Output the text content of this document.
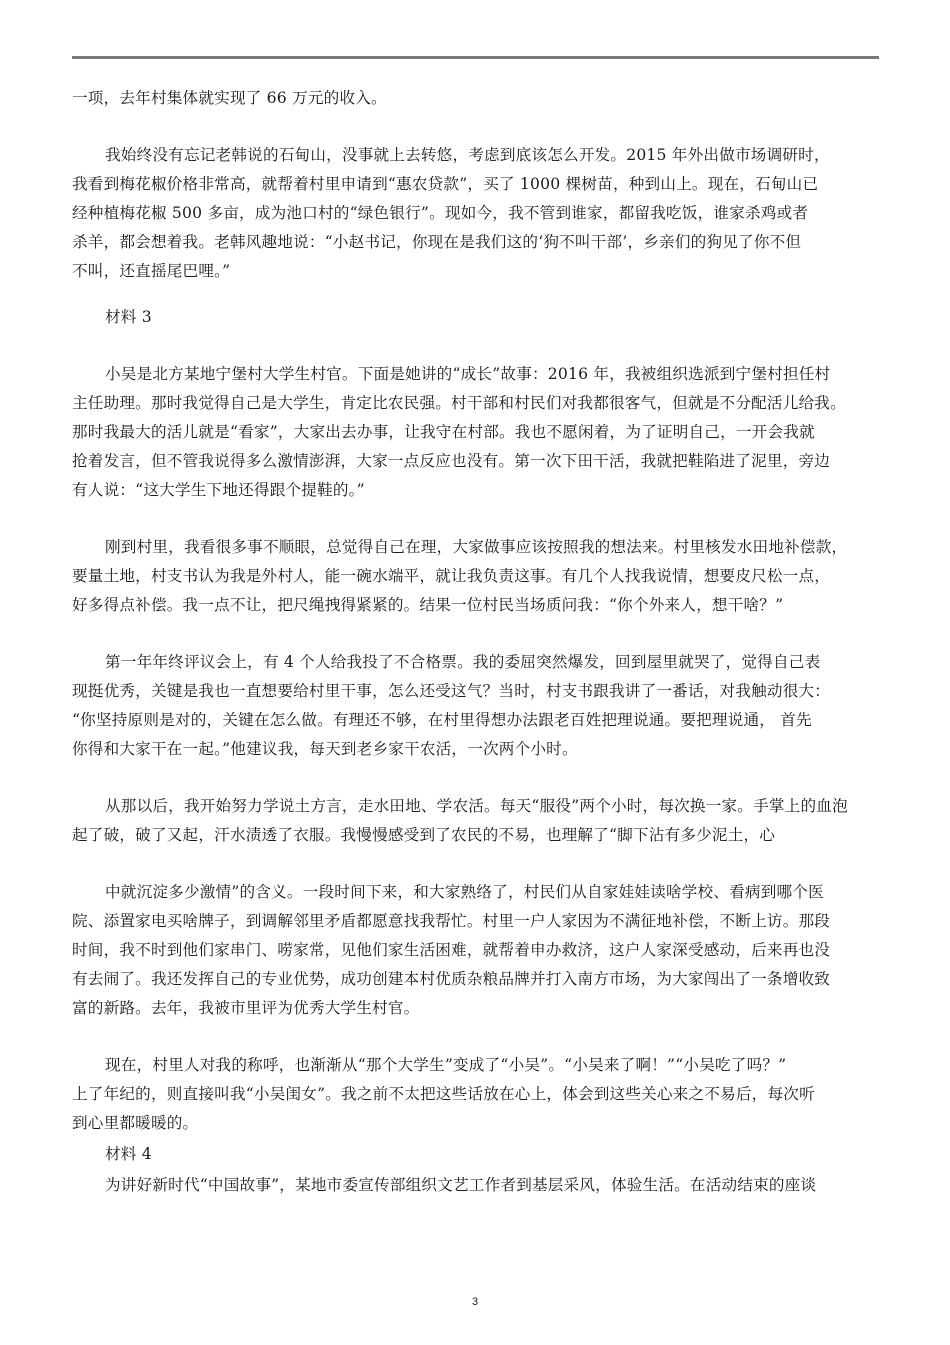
一项，去年村集体就实现了 66 万元的收入。
我始终没有忘记老韩说的石甸山，没事就上去转悠，考虑到底该怎么开发。2015 年外出做市场调研时，
我看到梅花椒价格非常高，就帮着村里申请到“惠农贷款”，买了 1000 棵树苗，种到山上。现在，石甸山已
经种植梅花椒 500 多亩，成为池口村的“绿色银行”。现如今，我不管到谁家，都留我吃饭，谁家杀鸡或者
杀羊，都会想着我。老韩风趣地说：“小赵书记，你现在是我们这的‘狗不叫干部’，乡亲们的狗见了你不但
不叫，还直摇尾巴哩。”
材料 3
小吴是北方某地宁堡村大学生村官。下面是她讲的“成长”故事：2016 年，我被组织选派到宁堡村担任村
主任助理。那时我觉得自己是大学生，肯定比农民强。村干部和村民们对我都很客气，但就是不分配活儿给我。
那时我最大的活儿就是“看家”，大家出去办事，让我守在村部。我也不愿闲着，为了证明自己，一开会我就
抢着发言，但不管我说得多么激情澎湃，大家一点反应也没有。第一次下田干活，我就把鞋陷进了泥里，旁边
有人说：“这大学生下地还得跟个提鞋的。”
刚到村里，我看很多事不顺眼，总觉得自己在理，大家做事应该按照我的想法来。村里核发水田地补偿款，
要量土地，村支书认为我是外村人，能一碗水端平，就让我负责这事。有几个人找我说情，想要皮尺松一点，
好多得点补偿。我一点不让，把尺绳拽得紧紧的。结果一位村民当场质问我：“你个外来人，想干啥？”
第一年年终评议会上，有 4 个人给我投了不合格票。我的委屈突然爆发，回到屋里就哭了，觉得自己表
现挺优秀，关键是我也一直想要给村里干事，怎么还受这气？当时，村支书跟我讲了一番话，对我触动很大：
“你坚持原则是对的，关键在怎么做。有理还不够，在村里得想办法跟老百姓把理说通。要把理说通， 首先
你得和大家干在一起。”他建议我，每天到老乡家干农活，一次两个小时。
从那以后，我开始努力学说土方言，走水田地、学农活。每天“服役”两个小时，每次换一家。手掌上的血泡
起了破，破了又起，汗水渍透了衣服。我慢慢感受到了农民的不易，也理解了“脚下沾有多少泥土，心
中就沉淀多少激情”的含义。一段时间下来，和大家熟络了，村民们从自家娃娃读啥学校、看病到哪个医
院、添置家电买啥牌子，到调解邻里矛盾都愿意找我帮忙。村里一户人家因为不满征地补偿，不断上访。那段
时间，我不时到他们家串门、唠家常，见他们家生活困难，就帮着申办救济，这户人家深受感动，后来再也没
有去闹了。我还发挥自己的专业优势，成功创建本村优质杂粮品牌并打入南方市场，为大家闯出了一条增收致
富的新路。去年，我被市里评为优秀大学生村官。
现在，村里人对我的称呼，也渐渐从“那个大学生”变成了“小吴”。“小吴来了啊！”“小吴吃了吗？”
上了年纪的，则直接叫我“小吴闺女”。我之前不太把这些话放在心上，体会到这些关心来之不易后，每次听
到心里都暖暖的。
材料 4
为讲好新时代“中国故事”，某地市委宣传部组织文艺工作者到基层采风，体验生活。在活动结束的座谈
3
